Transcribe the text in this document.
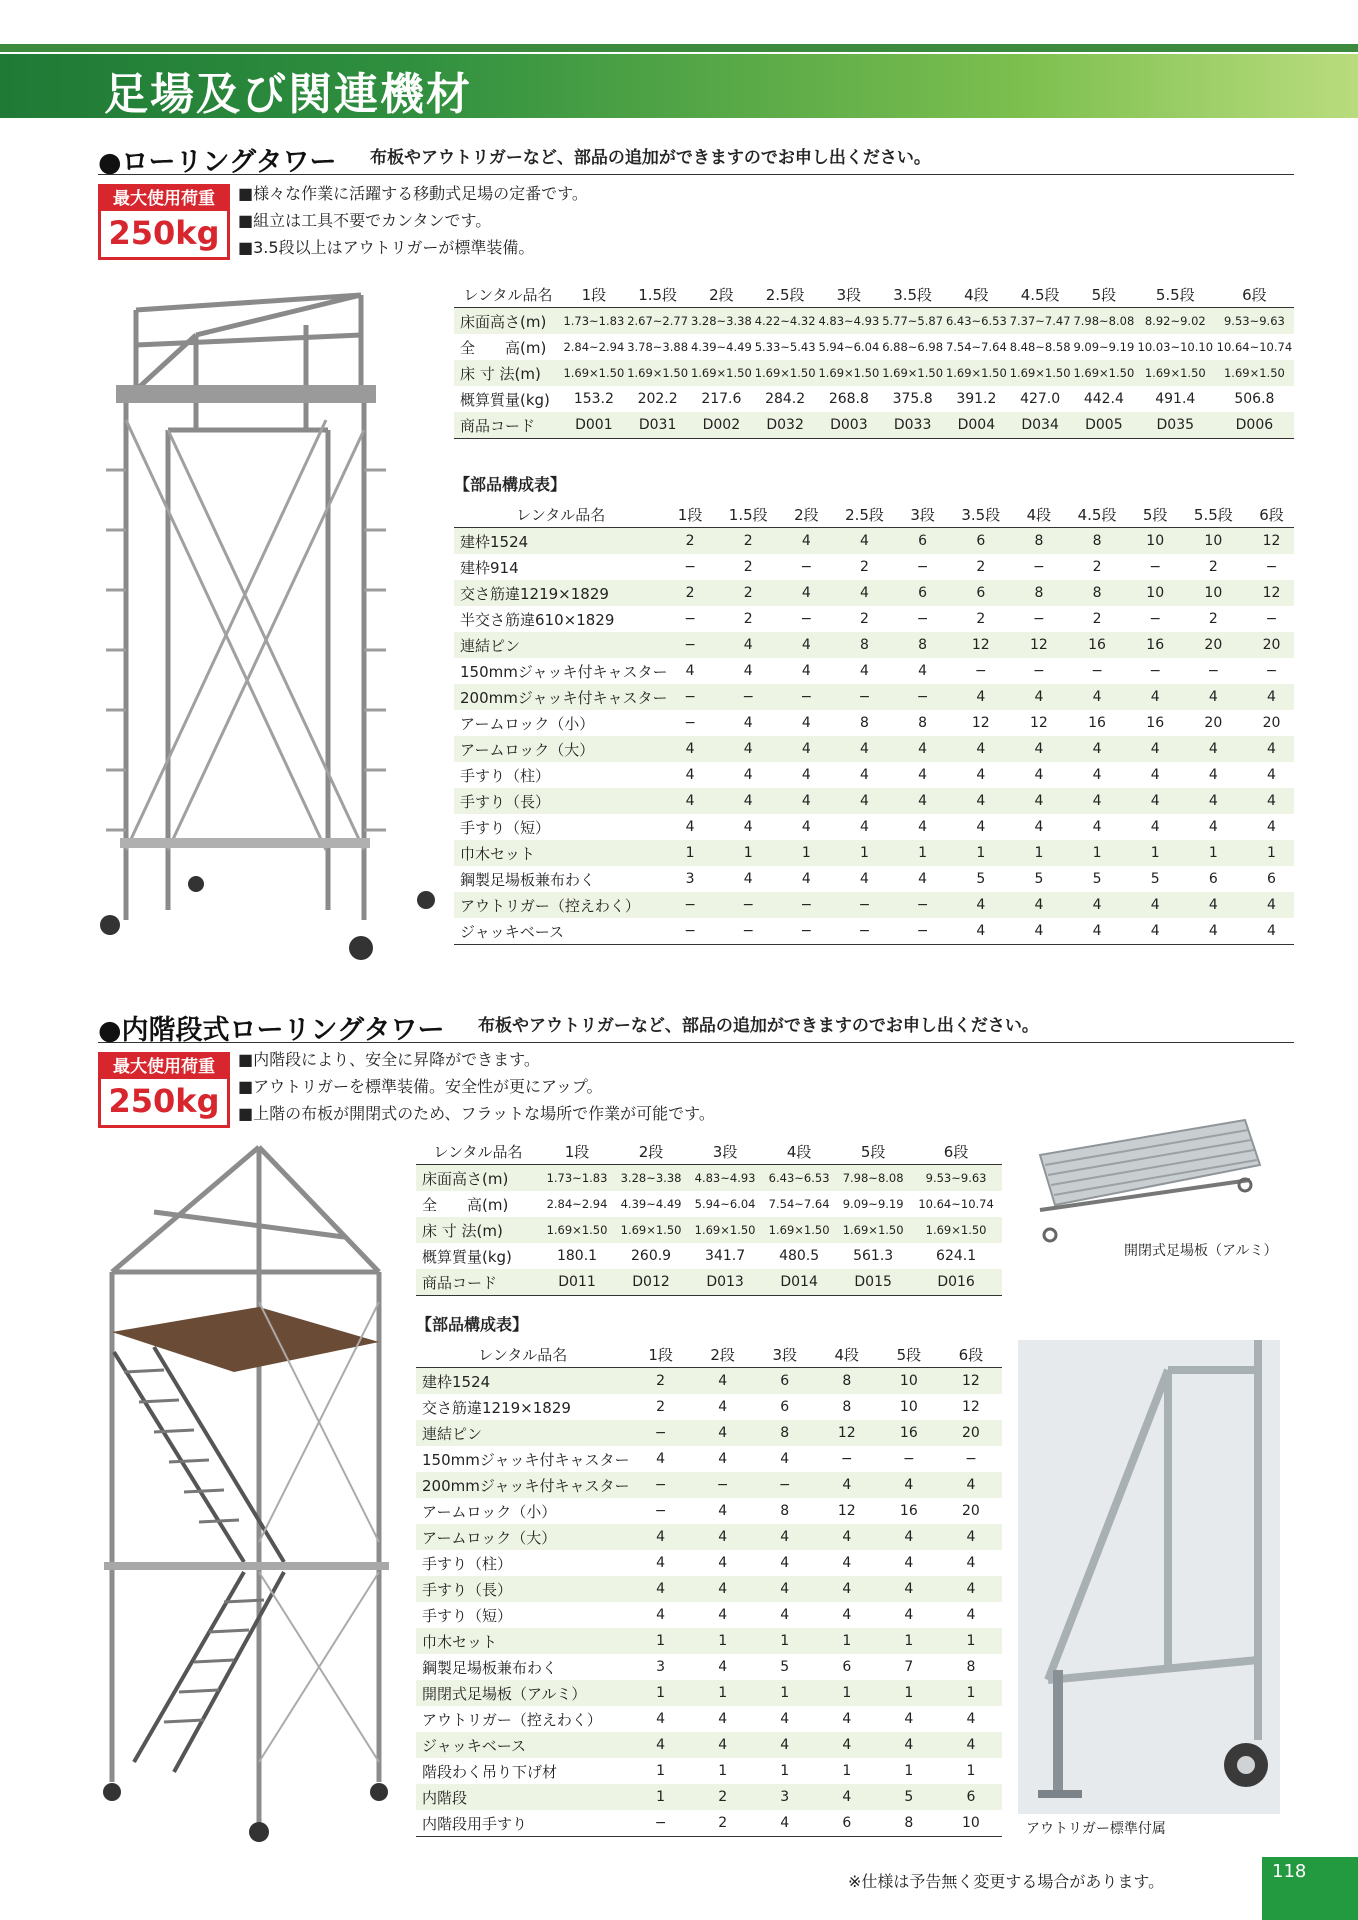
足場及び関連機材
●ローリングタワー 布板やアウトリガーなど、部品の追加ができますのでお申し出ください。
最大使用荷重
250kg
■様々な作業に活躍する移動式足場の定番です。
■組立は工具不要でカンタンです。
■3.5段以上はアウトリガーが標準装備。
レンタル品名	1段	1.5段	2段	2.5段	3段	3.5段	4段	4.5段	5段	5.5段	6段
床面高さ(m)	1.73~1.83	2.67~2.77	3.28~3.38	4.22~4.32	4.83~4.93	5.77~5.87	6.43~6.53	7.37~7.47	7.98~8.08	8.92~9.02	9.53~9.63
全　　高(m)	2.84~2.94	3.78~3.88	4.39~4.49	5.33~5.43	5.94~6.04	6.88~6.98	7.54~7.64	8.48~8.58	9.09~9.19	10.03~10.10	10.64~10.74
床 寸 法(m)	1.69×1.50	1.69×1.50	1.69×1.50	1.69×1.50	1.69×1.50	1.69×1.50	1.69×1.50	1.69×1.50	1.69×1.50	1.69×1.50	1.69×1.50
概算質量(kg)	153.2	202.2	217.6	284.2	268.8	375.8	391.2	427.0	442.4	491.4	506.8
商品コード	D001	D031	D002	D032	D003	D033	D004	D034	D005	D035	D006
【部品構成表】
レンタル品名	1段	1.5段	2段	2.5段	3段	3.5段	4段	4.5段	5段	5.5段	6段
建枠1524	2	2	4	4	6	6	8	8	10	10	12
建枠914	−	2	−	2	−	2	−	2	−	2	−
交さ筋違1219×1829	2	2	4	4	6	6	8	8	10	10	12
半交さ筋違610×1829	−	2	−	2	−	2	−	2	−	2	−
連結ピン	−	4	4	8	8	12	12	16	16	20	20
150mmジャッキ付キャスター	4	4	4	4	4	−	−	−	−	−	−
200mmジャッキ付キャスター	−	−	−	−	−	4	4	4	4	4	4
アームロック（小）	−	4	4	8	8	12	12	16	16	20	20
アームロック（大）	4	4	4	4	4	4	4	4	4	4	4
手すり（柱）	4	4	4	4	4	4	4	4	4	4	4
手すり（長）	4	4	4	4	4	4	4	4	4	4	4
手すり（短）	4	4	4	4	4	4	4	4	4	4	4
巾木セット	1	1	1	1	1	1	1	1	1	1	1
鋼製足場板兼布わく	3	4	4	4	4	5	5	5	5	6	6
アウトリガー（控えわく）	−	−	−	−	−	4	4	4	4	4	4
ジャッキベース	−	−	−	−	−	4	4	4	4	4	4
●内階段式ローリングタワー 布板やアウトリガーなど、部品の追加ができますのでお申し出ください。
最大使用荷重
250kg
■内階段により、安全に昇降ができます。
■アウトリガーを標準装備。安全性が更にアップ。
■上階の布板が開閉式のため、フラットな場所で作業が可能です。
レンタル品名	1段	2段	3段	4段	5段	6段
床面高さ(m)	1.73~1.83	3.28~3.38	4.83~4.93	6.43~6.53	7.98~8.08	9.53~9.63
全　　高(m)	2.84~2.94	4.39~4.49	5.94~6.04	7.54~7.64	9.09~9.19	10.64~10.74
床 寸 法(m)	1.69×1.50	1.69×1.50	1.69×1.50	1.69×1.50	1.69×1.50	1.69×1.50
概算質量(kg)	180.1	260.9	341.7	480.5	561.3	624.1
商品コード	D011	D012	D013	D014	D015	D016
【部品構成表】
レンタル品名	1段	2段	3段	4段	5段	6段
建枠1524	2	4	6	8	10	12
交さ筋違1219×1829	2	4	6	8	10	12
連結ピン	−	4	8	12	16	20
150mmジャッキ付キャスター	4	4	4	−	−	−
200mmジャッキ付キャスター	−	−	−	4	4	4
アームロック（小）	−	4	8	12	16	20
アームロック（大）	4	4	4	4	4	4
手すり（柱）	4	4	4	4	4	4
手すり（長）	4	4	4	4	4	4
手すり（短）	4	4	4	4	4	4
巾木セット	1	1	1	1	1	1
鋼製足場板兼布わく	3	4	5	6	7	8
開閉式足場板（アルミ）	1	1	1	1	1	1
アウトリガー（控えわく）	4	4	4	4	4	4
ジャッキベース	4	4	4	4	4	4
階段わく吊り下げ材	1	1	1	1	1	1
内階段	1	2	3	4	5	6
内階段用手すり	−	2	4	6	8	10
開閉式足場板（アルミ）
アウトリガー標準付属
※仕様は予告無く変更する場合があります。	118
